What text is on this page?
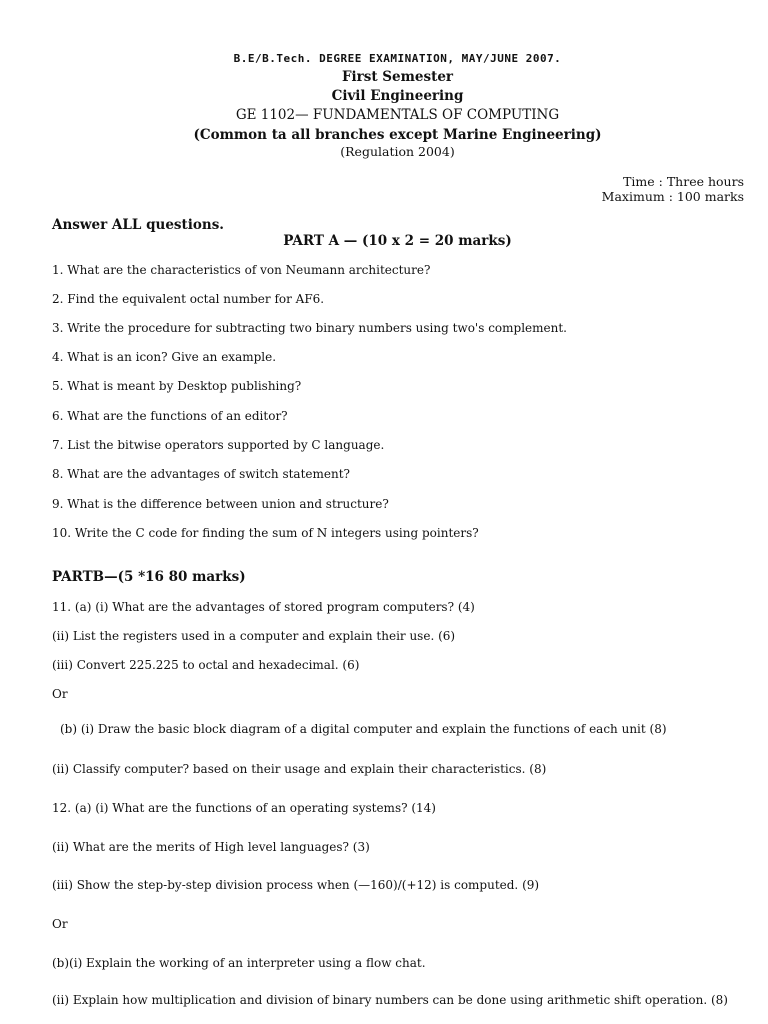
B.E/B.Tech. DEGREE EXAMINATION, MAY/JUNE 2007.
First Semester
Civil Engineering
GE 1102— FUNDAMENTALS OF COMPUTING
(Common ta all branches except Marine Engineering)
(Regulation 2004)
Time : Three hours
Maximum : 100 marks
Answer ALL questions.
PART A — (10 x 2 = 20 marks)
1. What are the characteristics of von Neumann architecture?
2. Find the equivalent octal number for AF6.
3. Write the procedure for subtracting two binary numbers using two's complement.
4. What is an icon? Give an example.
5. What is meant by Desktop publishing?
6. What are the functions of an editor?
7. List the bitwise operators supported by C language.
8. What are the advantages of switch statement?
9. What is the difference between union and structure?
10. Write the C code for finding the sum of N integers using pointers?
PARTB—(5 *16 80 marks)
11. (a) (i) What are the advantages of stored program computers? (4)
(ii) List the registers used in a computer and explain their use. (6)
(iii) Convert 225.225 to octal and hexadecimal. (6)
Or
(b) (i) Draw the basic block diagram of a digital computer and explain the functions of each unit (8)
(ii) Classify computer? based on their usage and explain their characteristics. (8)
12. (a) (i) What are the functions of an operating systems? (14)
(ii) What are the merits of High level languages? (3)
(iii) Show the step-by-step division process when (—160)/(+12) is computed. (9)
Or
(b)(i) Explain the working of an interpreter using a flow chat.
(ii) Explain how multiplication and division of binary numbers can be done using arithmetic shift operation. (8)
